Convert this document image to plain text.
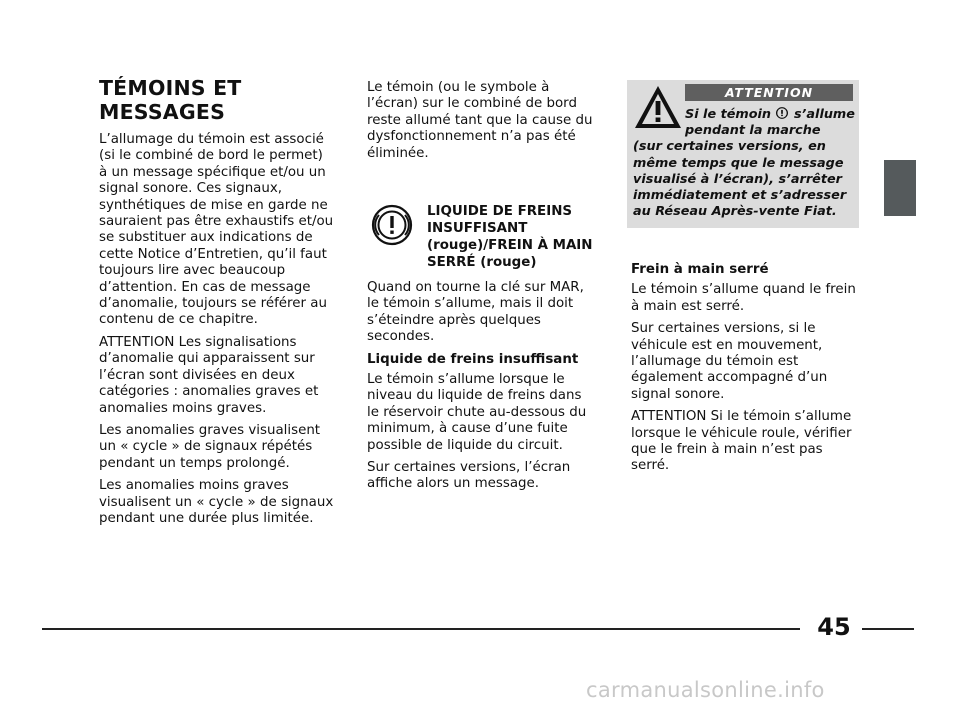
TÉMOINS ET MESSAGES

L’allumage du témoin est associé (si le combiné de bord le permet) à un message spécifique et/ou un signal sonore. Ces signaux, synthétiques de mise en garde ne sauraient pas être exhaustifs et/ou se substituer aux indications de cette Notice d’Entretien, qu’il faut toujours lire avec beaucoup d’attention. En cas de message d’anomalie, toujours se référer au contenu de ce chapitre.

ATTENTION Les signalisations d’anomalie qui apparaissent sur l’écran sont divisées en deux catégories : anomalies graves et anomalies moins graves.

Les anomalies graves visualisent un « cycle » de signaux répétés pendant un temps prolongé.

Les anomalies moins graves visualisent un « cycle » de signaux pendant une durée plus limitée.

Le témoin (ou le symbole à l’écran) sur le combiné de bord reste allumé tant que la cause du dysfonctionnement n’a pas été éliminée.

LIQUIDE DE FREINS INSUFFISANT (rouge)/FREIN À MAIN SERRÉ (rouge)

Quand on tourne la clé sur MAR, le témoin s’allume, mais il doit s’éteindre après quelques secondes.

Liquide de freins insuffisant

Le témoin s’allume lorsque le niveau du liquide de freins dans le réservoir chute au-dessous du minimum, à cause d’une fuite possible de liquide du circuit.

Sur certaines versions, l’écran affiche alors un message.

ATTENTION
Si le témoin s’allume pendant la marche
(sur certaines versions, en même temps que le message visualisé à l’écran), s’arrêter immédiatement et s’adresser au Réseau Après-vente Fiat.
Frein à main serré

Le témoin s’allume quand le frein à main est serré.

Sur certaines versions, si le véhicule est en mouvement, l’allumage du témoin est également accompagné d’un signal sonore.

ATTENTION Si le témoin s’allume lorsque le véhicule roule, vérifier que le frein à main n’est pas serré.

45
carmanualsonline.info
